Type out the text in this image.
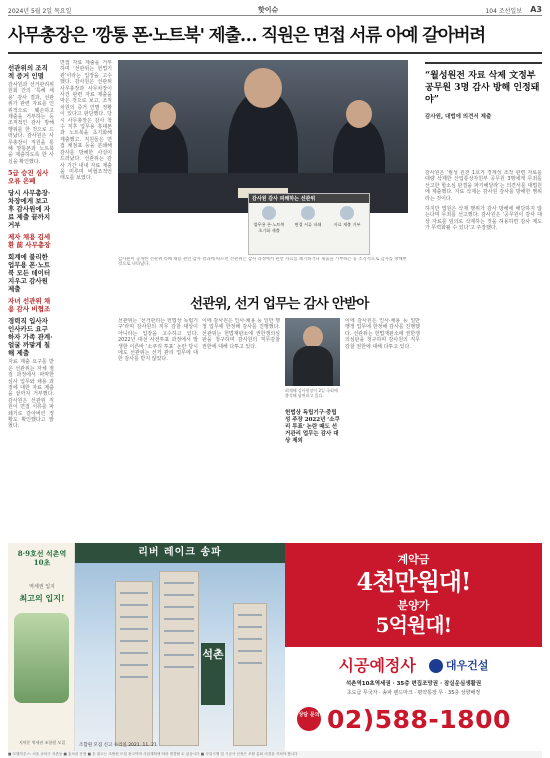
2024년 5월 2일 목요일	핫이슈	104 조선일보 A3
사무총장은 '깡통 폰·노트북' 제출… 직원은 면접 서류 아예 갈아버려
선관위의 조직적 증거 인멸
감사원과 선거관리위원회 간의 ‘특혜 채용’ 감사 결과, 선관위가 관련 자료를 인위적으로 훼손하고 제출을 거부하는 등 조직적인 감사 방해 행위를 한 것으로 드러났다. 감사원은 사무총장이 직원을 통해 깡통폰과 노트북을 제출하도록 한 사실을 확인했다.
5급 승진 심사 오류 은폐
당시 사무총장·차장에게 보고 후 감사원에 자료 제출 끝까지 거부
제자 채용 김세환 前 사무총장
회계에 불리한 업무용 폰·노트북 모든 데이터 지우고 감사원 제출
자녀 선관위 채용 감사 비협조
경력직 입사자 인사카드 요구하자 가족 관계·얼굴 까맣게 칠해 제출
자료 제출 요구를 받은 선관위는 자체 점검 과정에서 파악한 심사 업무와 채용 과정에 대한 자료 제출을 끝까지 거부했다. 감사원은 선관위 직원이 면접 서류를 파쇄기로 갈아버린 정황도 확인했다고 밝혔다.
면접 자료 제출을 거부하며 ‘선관위는 헌법기관’이라는 입장을 고수했다. 감사원은 선관위 사무총장과 사무차장이 사건 관련 자료 제출을 막은 것으로 보고, 조직 차원의 증거 인멸 정황이 있다고 판단했다. 당시 사무총장은 감사 착수 직후 업무용 휴대폰과 노트북을 초기화해 제출했고, 직원들은 면접 채점표 등을 분쇄해 감사를 방해한 사실이 드러났다. 선관위는 감사 기간 내내 자료 제출을 미루며 비협조적인 태도를 보였다.
감사원 감사 피해하는 선관위
업무용 폰·노트북 초기화 제출
면접 서류 파쇄	자료 제출 거부
감사원이 공개한 선관위 특혜 채용 관련 감사 결과에 따르면 선관위는 감사 과정에서 관련 자료를 폐기하거나 제출을 거부하는 등 조직적으로 감사를 방해한 것으로 나타났다.
“월성원전 자료 삭제 文정부 공무원 3명 감사 방해 인정돼야”
감사원, 대법에 의견서 제출
감사원은 ‘월성 원전 1호기 경제성 조작 관련 자료를 대량 삭제한 산업통상자원부 공무원 3명에게 무죄를 선고한 항소심 판결을 파기해달라’는 의견서를 대법원에 제출했다. 자료 삭제는 감사원 감사를 방해한 행위라는 것이다.
하지만 법원은 삭제 행위가 감사 방해에 해당하지 않는다며 무죄를 선고했다. 감사원은 ‘공무원이 감사 대상 자료를 임의로 삭제하는 것을 허용하면 감사 제도가 무력화될 수 있다’고 주장했다.
선관위, 선거 업무는 감사 안받아
선관위는 ‘선거관리는 헌법상 독립기구’라며 감사원의 직무 감찰 대상이 아니라는 입장을 고수하고 있다. 2022년 대선 사전투표 과정에서 발생한 이른바 ‘소쿠리 투표’ 논란 당시에도 선관위는 선거 관리 업무에 대한 감사를 받지 않았다.
이에 감사원은 인사·채용 등 일반 행정 업무에 한정해 감사를 진행했다. 선관위는 헌법재판소에 권한쟁의심판을 청구하며 감사원의 직무감찰 권한에 대해 다투고 있다.
최재해 감사원장이 2일 국회에 출석해 답변하고 있다.
헌법상 독립기구·중립성 주장 2022년 ‘소쿠리 투표’ 논란 때도 선거관리 업무는 감사 대상 제외
이에 감사원은 인사·채용 등 일반 행정 업무에 한정해 감사를 진행했다. 선관위는 헌법재판소에 권한쟁의심판을 청구하며 감사원의 직무감찰 권한에 대해 다투고 있다.
8·9호선 석촌역 10초
역세권 입지
최고의 입지!
지약준 역세권 조합원 모집
리버 레이크 송파
석촌
조합원 모집 신고 수리일 2021. 11. 21.
계약금
4천만원대!
분양가
5억원대!
시공예정사	대우건설
석촌역10초역세권 · 35층 편집조망권 · 잠실운심생활권
초도급 무국자 · 송파 랜드마크 · 평약통장 무 · 35층 상향배정
상담 문의 02)588-1800
■ 모델하우스: 서울 송파구 석촌동 ■ 홍보관 운영 ■ 본 광고는 조합원 모집 광고이며 사업계획에 따라 변경될 수 있습니다 ■ 사업시행 및 시공사 선정은 조합 총회 의결을 거쳐야 합니다
